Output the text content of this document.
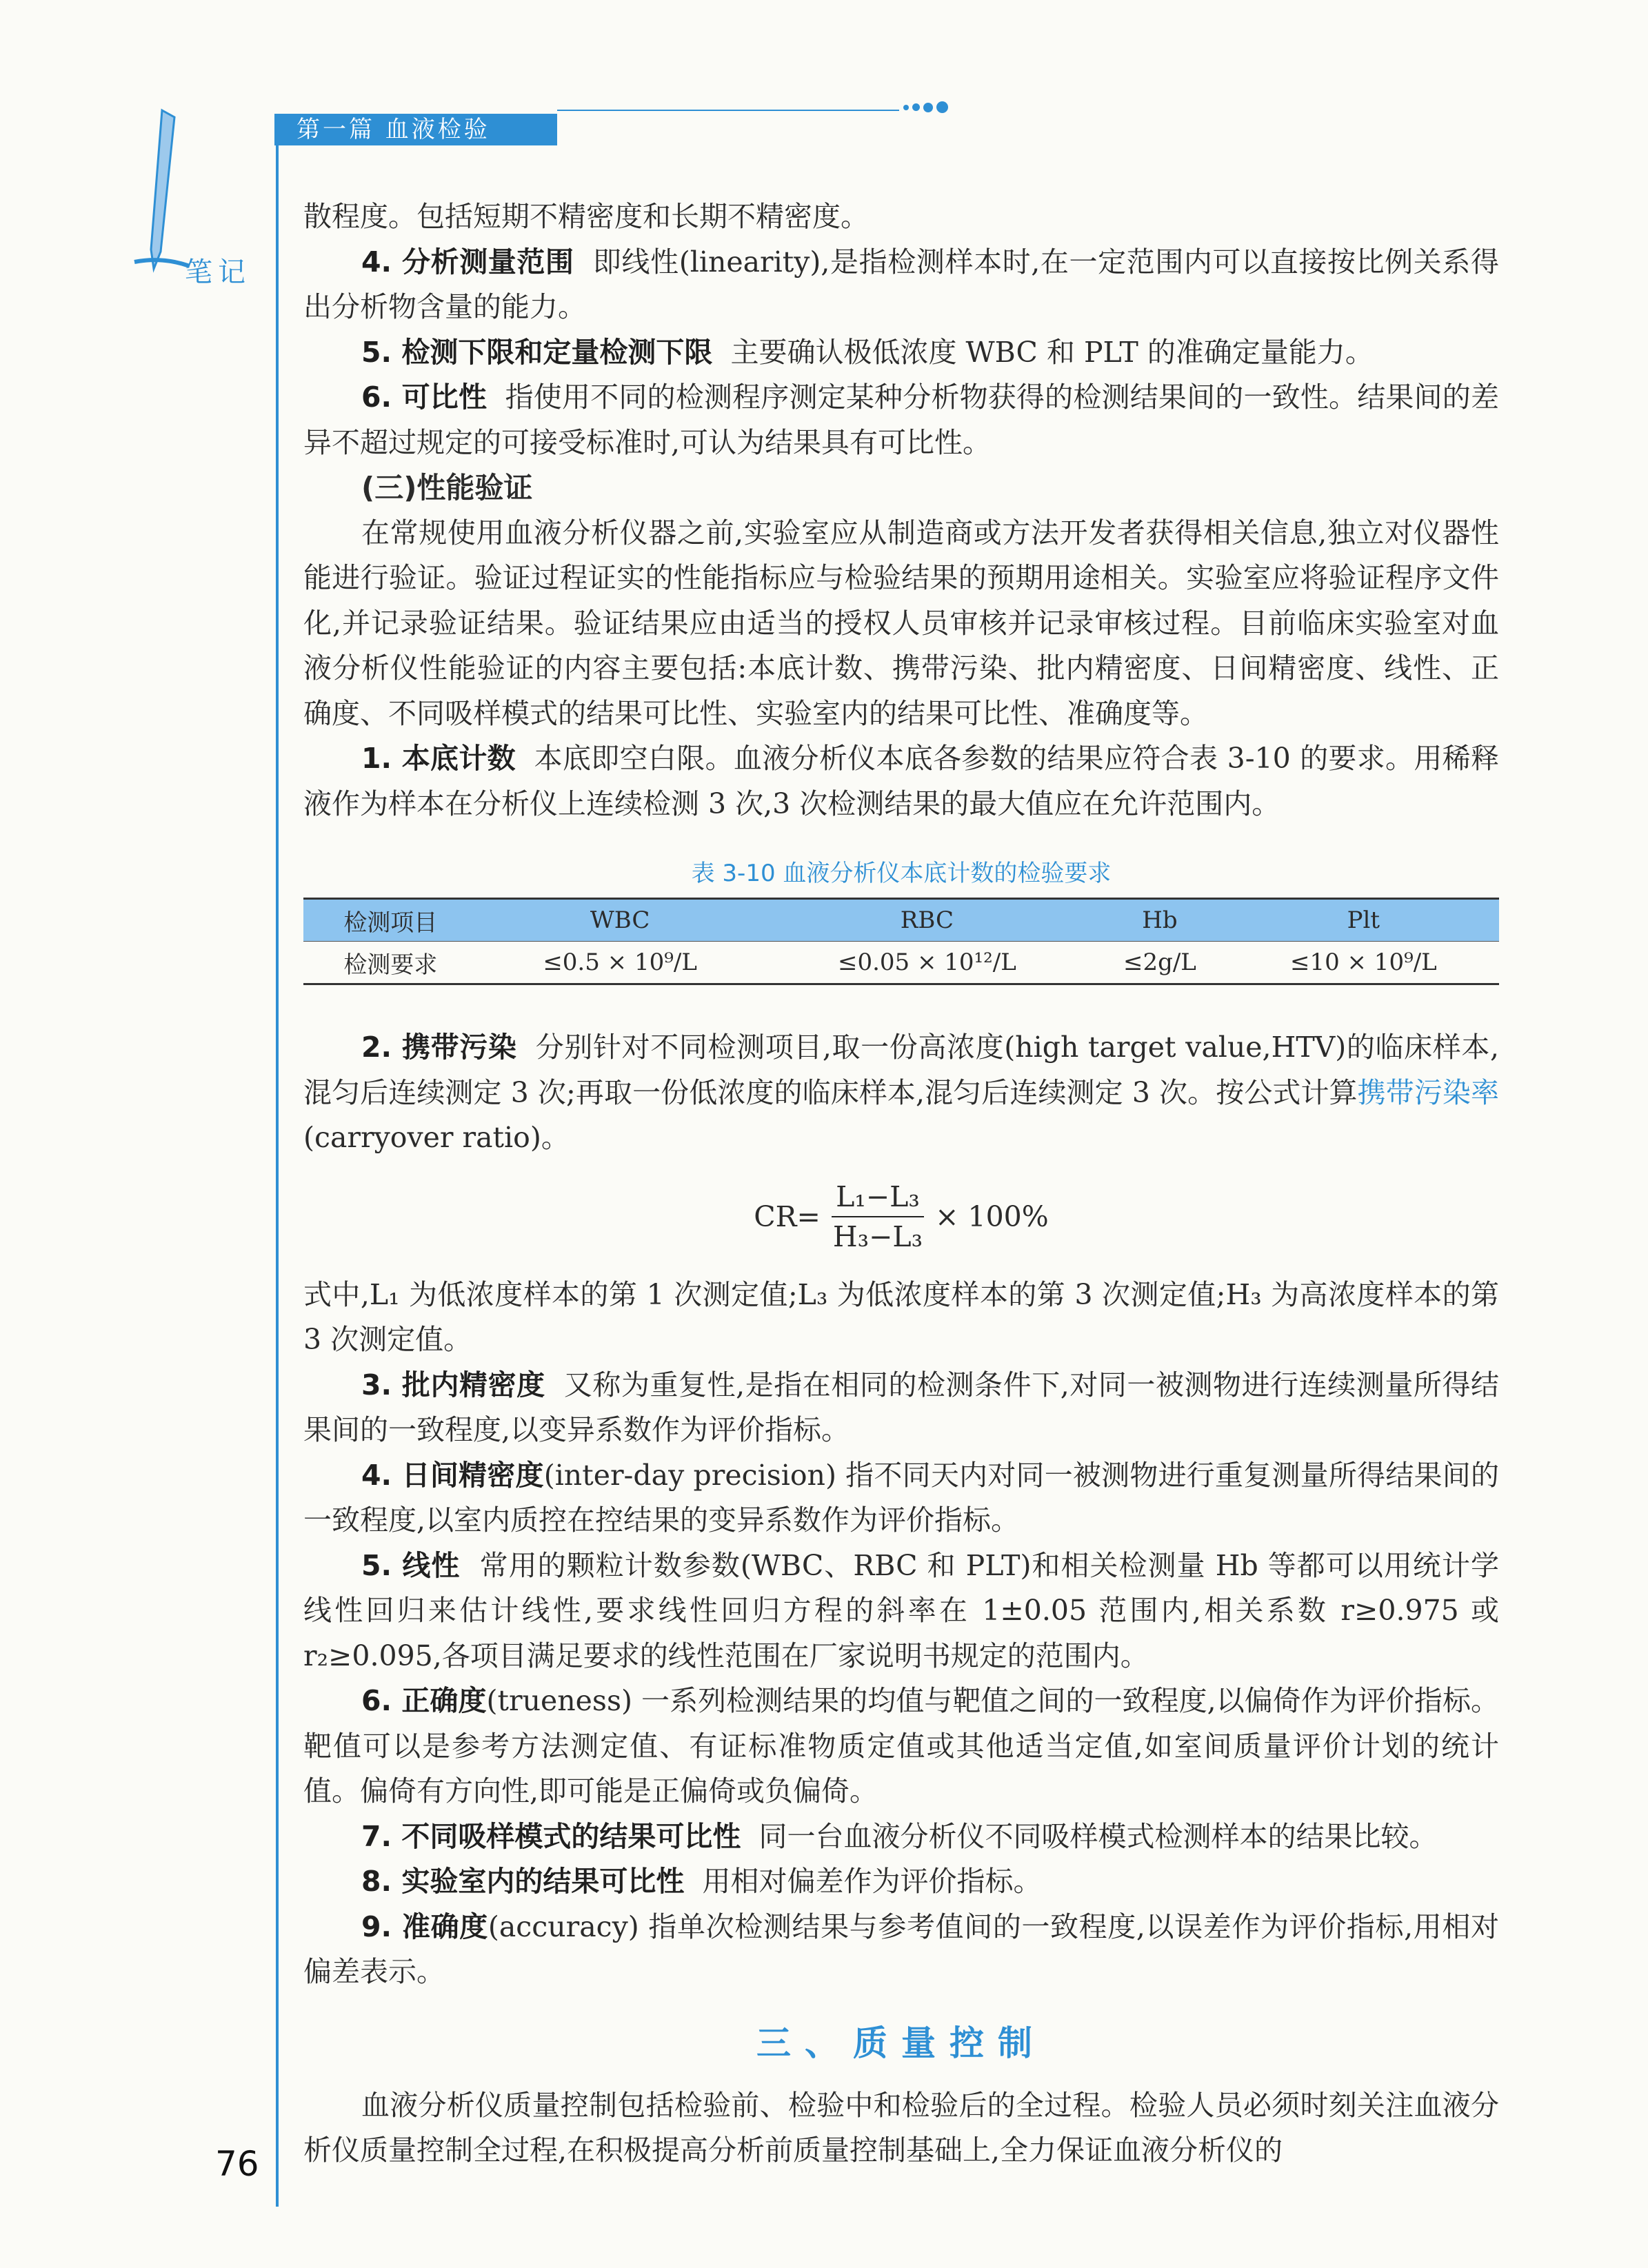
第一篇 血液检验
笔记
76

散程度。包括短期不精密度和长期不精密度。

4. 分析测量范围 即线性(linearity),是指检测样本时,在一定范围内可以直接按比例关系得出分析物含量的能力。

5. 检测下限和定量检测下限 主要确认极低浓度 WBC 和 PLT 的准确定量能力。

6. 可比性 指使用不同的检测程序测定某种分析物获得的检测结果间的一致性。结果间的差异不超过规定的可接受标准时,可认为结果具有可比性。

(三)性能验证

在常规使用血液分析仪器之前,实验室应从制造商或方法开发者获得相关信息,独立对仪器性能进行验证。验证过程证实的性能指标应与检验结果的预期用途相关。实验室应将验证程序文件化,并记录验证结果。验证结果应由适当的授权人员审核并记录审核过程。目前临床实验室对血液分析仪性能验证的内容主要包括:本底计数、携带污染、批内精密度、日间精密度、线性、正确度、不同吸样模式的结果可比性、实验室内的结果可比性、准确度等。

1. 本底计数 本底即空白限。血液分析仪本底各参数的结果应符合表 3-10 的要求。用稀释液作为样本在分析仪上连续检测 3 次,3 次检测结果的最大值应在允许范围内。

表 3-10 血液分析仪本底计数的检验要求
检测项目	WBC	RBC	Hb	Plt
检测要求	≤0.5 × 10⁹/L	≤0.05 × 10¹²/L	≤2g/L	≤10 × 10⁹/L

2. 携带污染 分别针对不同检测项目,取一份高浓度(high target value,HTV)的临床样本,混匀后连续测定 3 次;再取一份低浓度的临床样本,混匀后连续测定 3 次。按公式计算携带污染率(carryover ratio)。

$CR= \frac{\text{L₁−L₃}}{\text{H₃−L₃}} \times 100\%$

式中,L₁ 为低浓度样本的第 1 次测定值;L₃ 为低浓度样本的第 3 次测定值;H₃ 为高浓度样本的第 3 次测定值。

3. 批内精密度 又称为重复性,是指在相同的检测条件下,对同一被测物进行连续测量所得结果间的一致程度,以变异系数作为评价指标。

4. 日间精密度(inter-day precision) 指不同天内对同一被测物进行重复测量所得结果间的一致程度,以室内质控在控结果的变异系数作为评价指标。

5. 线性 常用的颗粒计数参数(WBC、RBC 和 PLT)和相关检测量 Hb 等都可以用统计学线性回归来估计线性,要求线性回归方程的斜率在 1±0.05 范围内,相关系数 r≥0.975 或 r₂≥0.095,各项目满足要求的线性范围在厂家说明书规定的范围内。

6. 正确度(trueness) 一系列检测结果的均值与靶值之间的一致程度,以偏倚作为评价指标。靶值可以是参考方法测定值、有证标准物质定值或其他适当定值,如室间质量评价计划的统计值。偏倚有方向性,即可能是正偏倚或负偏倚。

7. 不同吸样模式的结果可比性 同一台血液分析仪不同吸样模式检测样本的结果比较。

8. 实验室内的结果可比性 用相对偏差作为评价指标。

9. 准确度(accuracy) 指单次检测结果与参考值间的一致程度,以误差作为评价指标,用相对偏差表示。

三、质量控制

血液分析仪质量控制包括检验前、检验中和检验后的全过程。检验人员必须时刻关注血液分析仪质量控制全过程,在积极提高分析前质量控制基础上,全力保证血液分析仪的
